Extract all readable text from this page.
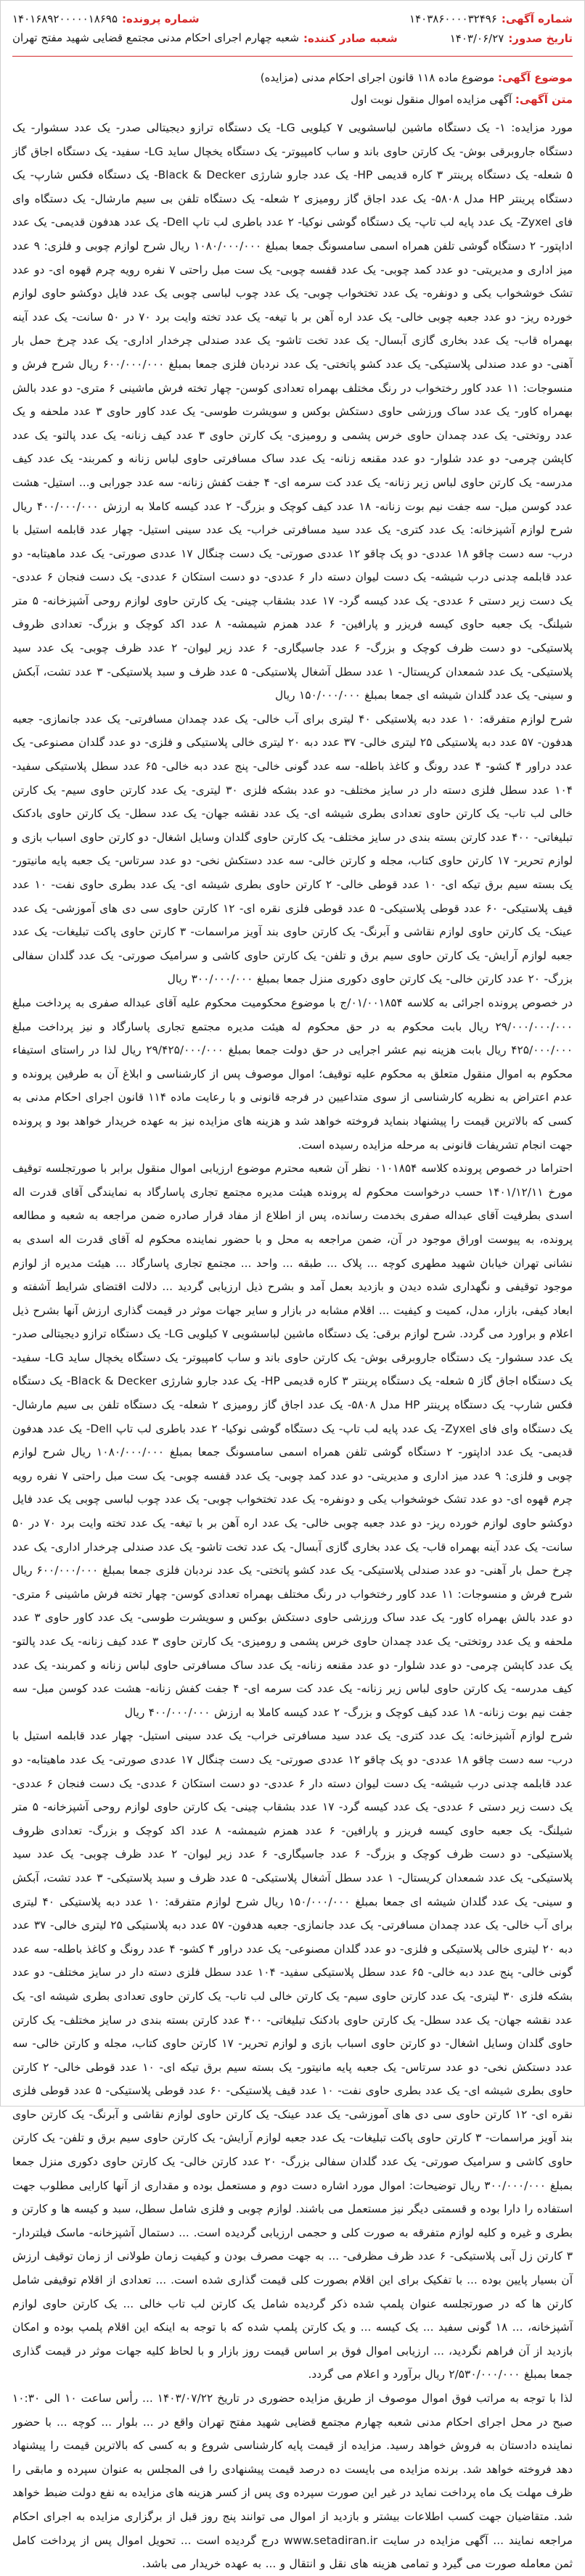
شماره آگهی:
۱۴۰۳۸۶۰۰۰۰۳۲۴۹۶
شماره پرونده:
۱۴۰۱۶۸۹۲۰۰۰۰۰۱۸۶۹۵
تاریخ صدور:
۱۴۰۳/۰۶/۲۷
شعبه صادر کننده:
شعبه چهارم اجرای احکام مدنی مجتمع قضایی شهید مفتح تهران
موضوع آگهی: موضوع ماده ۱۱۸ قانون اجرای احکام مدنی (مزایده)
متن آگهی: آگهی مزایده اموال منقول نوبت اول

مورد مزایده: ۱- یک دستگاه ماشین لباسشویی ۷ کیلویی LG- یک دستگاه ترازو دیجیتالی صدر- یک عدد سشوار- یک دستگاه جاروبرقی بوش- یک کارتن حاوی باند و ساب کامپیوتر- یک دستگاه یخچال ساید LG- سفید- یک دستگاه اجاق گاز ۵ شعله- یک دستگاه پرینتر ۳ کاره قدیمی HP- یک عدد جارو شارژی Black & Decker- یک دستگاه فکس شارپ- یک دستگاه پرینتر HP مدل ۵۸۰۸- یک عدد اجاق گاز رومیزی ۲ شعله- یک دستگاه تلفن بی سیم مارشال- یک دستگاه وای فای Zyxel- یک عدد پایه لب تاپ- یک دستگاه گوشی نوکیا- ۲ عدد باطری لب تاپ Dell- یک عدد هدفون قدیمی- یک عدد اداپتور- ۲ دستگاه گوشی تلفن همراه اسمی سامسونگ جمعا بمبلغ ۱۰۸۰/۰۰۰/۰۰۰ ریال شرح لوازم چوبی و فلزی: ۹ عدد میز اداری و مدیریتی- دو عدد کمد چوبی- یک عدد قفسه چوبی- یک ست مبل راحتی ۷ نفره رویه چرم قهوه ای- دو عدد تشک خوشخواب یکی و دونفره- یک عدد تختخواب چوبی- یک عدد چوب لباسی چوبی یک عدد فایل دوکشو حاوی لوازم خورده ریز- دو عدد جعبه چوبی خالی- یک عدد اره آهن بر با تیغه- یک عدد تخته وایت برد ۷۰ در ۵۰ سانت- یک عدد آینه بهمراه قاب- یک عدد بخاری گازی آبسال- یک عدد تخت تاشو- یک عدد صندلی چرخدار اداری- یک عدد چرخ حمل بار آهنی- دو عدد صندلی پلاستیکی- یک عدد کشو پاتختی- یک عدد نردبان فلزی جمعا بمبلغ ۶۰۰/۰۰۰/۰۰۰ ریال شرح فرش و منسوجات: ۱۱ عدد کاور رختخواب در رنگ مختلف بهمراه تعدادی کوسن- چهار تخته فرش ماشینی ۶ متری- دو عدد بالش بهمراه کاور- یک عدد ساک ورزشی حاوی دستکش بوکس و سویشرت طوسی- یک عدد کاور حاوی ۳ عدد ملحفه و یک عدد روتختی- یک عدد چمدان حاوی خرس پشمی و رومیزی- یک کارتن حاوی ۳ عدد کیف زنانه- یک عدد پالتو- یک عدد کاپشن چرمی- دو عدد شلوار- دو عدد مقنعه زنانه- یک عدد ساک مسافرتی حاوی لباس زنانه و کمربند- یک عدد کیف مدرسه- یک کارتن حاوی لباس زیر زنانه- یک عدد کت سرمه ای- ۴ جفت کفش زنانه- سه عدد جورابی و... استیل- هشت عدد کوسن مبل- سه جفت نیم بوت زنانه- ۱۸ عدد کیف کوچک و بزرگ- ۲ عدد کیسه کاملا به ارزش ۴۰۰/۰۰۰/۰۰۰ ریال شرح لوازم آشپزخانه: یک عدد کتری- یک عدد سید مسافرتی خراب- یک عدد سینی استیل- چهار عدد قابلمه استیل با درب- سه دست چاقو ۱۸ عددی- دو پک چاقو ۱۲ عددی صورتی- یک دست چنگال ۱۷ عددی صورتی- یک عدد ماهیتابه- دو عدد قابلمه چدنی درب شیشه- یک دست لیوان دسته دار ۶ عددی- دو دست استکان ۶ عددی- یک دست فنجان ۶ عددی- یک دست زیر دستی ۶ عددی- یک عدد کیسه گرد- ۱۷ عدد بشقاب چینی- یک کارتن حاوی لوازم روحی آشپزخانه- ۵ متر شیلنگ- یک جعبه حاوی کیسه فریزر و پارافین- ۶ عدد همزم شیمشه- ۸ عدد اکد کوچک و بزرگ- تعدادی ظروف پلاستیکی- دو دست ظرف کوچک و بزرگ- ۶ عدد جاسیگاری- ۶ عدد زیر لیوان- ۲ عدد ظرف چوبی- یک عدد سید پلاستیکی- یک عدد شمعدان کریستال- ۱ عدد سطل آشغال پلاستیکی- ۵ عدد ظرف و سبد پلاستیکی- ۳ عدد تشت، آبکش و سینی- یک عدد گلدان شیشه ای جمعا بمبلغ ۱۵۰/۰۰۰/۰۰۰ ریال

شرح لوازم متفرقه: ۱۰ عدد دبه پلاستیکی ۴۰ لیتری برای آب خالی- یک عدد چمدان مسافرتی- یک عدد جانمازی- جعبه هدفون- ۵۷ عدد دبه پلاستیکی ۲۵ لیتری خالی- ۳۷ عدد دبه ۲۰ لیتری خالی پلاستیکی و فلزی- دو عدد گلدان مصنوعی- یک عدد دراور ۴ کشو- ۴ عدد رونگ و کاغذ باطله- سه عدد گونی خالی- پنج عدد دبه خالی- ۶۵ عدد سطل پلاستیکی سفید- ۱۰۴ عدد سطل فلزی دسته دار در سایز مختلف- دو عدد بشکه فلزی ۳۰ لیتری- یک عدد کارتن حاوی سیم- یک کارتن خالی لب تاب- یک کارتن حاوی تعدادی بطری شیشه ای- یک عدد نقشه جهان- یک عدد سطل- یک کارتن حاوی بادکنک تبلیغاتی- ۴۰۰ عدد کارتن بسته بندی در سایز مختلف- یک کارتن حاوی گلدان وسایل اشغال- دو کارتن حاوی اسباب بازی و لوازم تحریر- ۱۷ کارتن حاوی کتاب، مجله و کارتن خالی- سه عدد دستکش نخی- دو عدد سرتاس- یک جعبه پایه مانیتور- یک بسته سیم برق تیکه ای- ۱۰ عدد قوطی خالی- ۲ کارتن حاوی بطری شیشه ای- یک عدد بطری حاوی نفت- ۱۰ عدد قیف پلاستیکی- ۶۰ عدد قوطی پلاستیکی- ۵ عدد قوطی فلزی نقره ای- ۱۲ کارتن حاوی سی دی های آموزشی- یک عدد عینک- یک کارتن حاوی لوازم نقاشی و آبرنگ- یک کارتن حاوی بند آویز مراسمات- ۳ کارتن حاوی پاکت تبلیغات- یک عدد جعبه لوازم آرایش- یک کارتن حاوی سیم برق و تلفن- یک کارتن حاوی کاشی و سرامیک صورتی- یک عدد گلدان سفالی بزرگ- ۲۰ عدد کارتن خالی- یک کارتن حاوی دکوری منزل جمعا بمبلغ ۳۰۰/۰۰۰/۰۰۰ ریال

در خصوص پرونده اجرائی به کلاسه ۰۱/۰۰۱۸۵۴/ج با موضوع محکومیت محکوم علیه آقای عبداله صفری به پرداخت مبلغ ۲۹/۰۰۰/۰۰۰/۰۰۰ ریال بابت محکوم به در حق محکوم له هیئت مدیره مجتمع تجاری پاسارگاد و نیز پرداخت مبلغ ۴۲۵/۰۰۰/۰۰۰ ریال بابت هزینه نیم عشر اجرایی در حق دولت جمعا بمبلغ ۲۹/۴۲۵/۰۰۰/۰۰۰ ریال لذا در راستای استیفاء محکوم به اموال منقول متعلق به محکوم علیه توقیف؛ اموال موصوف پس از کارشناسی و ابلاغ آن به طرفین پرونده و عدم اعتراض به نظریه کارشناسی از سوی متداعیین در فرجه قانونی و با رعایت ماده ۱۱۴ قانون اجرای احکام مدنی به کسی که بالاترین قیمت را پیشنهاد بنماید فروخته خواهد شد و هزینه های مزایده نیز به عهده خریدار خواهد بود و پرونده جهت انجام تشریفات قانونی به مرحله مزایده رسیده است.

احتراما در خصوص پرونده کلاسه ۰۱۰۱۸۵۴ نظر آن شعبه محترم موضوع ارزیابی اموال منقول برابر با صورتجلسه توقیف مورخ ۱۴۰۱/۱۲/۱۱ حسب درخواست محکوم له پرونده هیئت مدیره مجتمع تجاری پاسارگاد به نمایندگی آقای قدرت اله اسدی بطرفیت آقای عبداله صفری بخدمت رسانده، پس از اطلاع از مفاد قرار صادره ضمن مراجعه به شعبه و مطالعه پرونده، به پیوست اوراق موجود در آن، ضمن مراجعه به محل و با حضور نماینده محکوم له آقای قدرت اله اسدی به نشانی تهران خیابان شهید مطهری کوچه ... پلاک ... طبقه ... واحد ... مجتمع تجاری پاسارگاد ... هیئت مدیره از لوازم موجود توقیفی و نگهداری شده دیدن و بازدید بعمل آمد و بشرح ذیل ارزیابی گردید ... دلالت اقتضای شرایط آشفته و ابعاد کیفی، بازار، مدل، کمیت و کیفیت ... اقلام مشابه در بازار و سایر جهات موثر در قیمت گذاری ارزش آنها بشرح ذیل اعلام و براورد می گردد. شرح لوازم برقی: یک دستگاه ماشین لباسشویی ۷ کیلویی LG- یک دستگاه ترازو دیجیتالی صدر- یک عدد سشوار- یک دستگاه جاروبرقی بوش- یک کارتن حاوی باند و ساب کامپیوتر- یک دستگاه یخچال ساید LG- سفید- یک دستگاه اجاق گاز ۵ شعله- یک دستگاه پرینتر ۳ کاره قدیمی HP- یک عدد جارو شارژی Black & Decker- یک دستگاه فکس شارپ- یک دستگاه پرینتر HP مدل ۵۸۰۸- یک عدد اجاق گاز رومیزی ۲ شعله- یک دستگاه تلفن بی سیم مارشال- یک دستگاه وای فای Zyxel- یک عدد پایه لب تاپ- یک دستگاه گوشی نوکیا- ۲ عدد باطری لب تاپ Dell- یک عدد هدفون قدیمی- یک عدد اداپتور- ۲ دستگاه گوشی تلفن همراه اسمی سامسونگ جمعا بمبلغ ۱۰۸۰/۰۰۰/۰۰۰ ریال شرح لوازم چوبی و فلزی: ۹ عدد میز اداری و مدیریتی- دو عدد کمد چوبی- یک عدد قفسه چوبی- یک ست مبل راحتی ۷ نفره رویه چرم قهوه ای- دو عدد تشک خوشخواب یکی و دونفره- یک عدد تختخواب چوبی- یک عدد چوب لباسی چوبی یک عدد فایل دوکشو حاوی لوازم خورده ریز- دو عدد جعبه چوبی خالی- یک عدد اره آهن بر با تیغه- یک عدد تخته وایت برد ۷۰ در ۵۰ سانت- یک عدد آینه بهمراه قاب- یک عدد بخاری گازی آبسال- یک عدد تخت تاشو- یک عدد صندلی چرخدار اداری- یک عدد چرخ حمل بار آهنی- دو عدد صندلی پلاستیکی- یک عدد کشو پاتختی- یک عدد نردبان فلزی جمعا بمبلغ ۶۰۰/۰۰۰/۰۰۰ ریال شرح فرش و منسوجات: ۱۱ عدد کاور رختخواب در رنگ مختلف بهمراه تعدادی کوسن- چهار تخته فرش ماشینی ۶ متری- دو عدد بالش بهمراه کاور- یک عدد ساک ورزشی حاوی دستکش بوکس و سویشرت طوسی- یک عدد کاور حاوی ۳ عدد ملحفه و یک عدد روتختی- یک عدد چمدان حاوی خرس پشمی و رومیزی- یک کارتن حاوی ۳ عدد کیف زنانه- یک عدد پالتو- یک عدد کاپشن چرمی- دو عدد شلوار- دو عدد مقنعه زنانه- یک عدد ساک مسافرتی حاوی لباس زنانه و کمربند- یک عدد کیف مدرسه- یک کارتن حاوی لباس زیر زنانه- یک عدد کت سرمه ای- ۴ جفت کفش زنانه- هشت عدد کوسن مبل- سه جفت نیم بوت زنانه- ۱۸ عدد کیف کوچک و بزرگ- ۲ عدد کیسه کاملا به ارزش ۴۰۰/۰۰۰/۰۰۰ ریال

شرح لوازم آشپزخانه: یک عدد کتری- یک عدد سید مسافرتی خراب- یک عدد سینی استیل- چهار عدد قابلمه استیل با درب- سه دست چاقو ۱۸ عددی- دو پک چاقو ۱۲ عددی صورتی- یک دست چنگال ۱۷ عددی صورتی- یک عدد ماهیتابه- دو عدد قابلمه چدنی درب شیشه- یک دست لیوان دسته دار ۶ عددی- دو دست استکان ۶ عددی- یک دست فنجان ۶ عددی- یک دست زیر دستی ۶ عددی- یک عدد کیسه گرد- ۱۷ عدد بشقاب چینی- یک کارتن حاوی لوازم روحی آشپزخانه- ۵ متر شیلنگ- یک جعبه حاوی کیسه فریزر و پارافین- ۶ عدد همزم شیمشه- ۸ عدد اکد کوچک و بزرگ- تعدادی ظروف پلاستیکی- دو دست ظرف کوچک و بزرگ- ۶ عدد جاسیگاری- ۶ عدد زیر لیوان- ۲ عدد ظرف چوبی- یک عدد سید پلاستیکی- یک عدد شمعدان کریستال- ۱ عدد سطل آشغال پلاستیکی- ۵ عدد ظرف و سبد پلاستیکی- ۳ عدد تشت، آبکش و سینی- یک عدد گلدان شیشه ای جمعا بمبلغ ۱۵۰/۰۰۰/۰۰۰ ریال شرح لوازم متفرقه: ۱۰ عدد دبه پلاستیکی ۴۰ لیتری برای آب خالی- یک عدد چمدان مسافرتی- یک عدد جانمازی- جعبه هدفون- ۵۷ عدد دبه پلاستیکی ۲۵ لیتری خالی- ۳۷ عدد دبه ۲۰ لیتری خالی پلاستیکی و فلزی- دو عدد گلدان مصنوعی- یک عدد دراور ۴ کشو- ۴ عدد رونگ و کاغذ باطله- سه عدد گونی خالی- پنج عدد دبه خالی- ۶۵ عدد سطل پلاستیکی سفید- ۱۰۴ عدد سطل فلزی دسته دار در سایز مختلف- دو عدد بشکه فلزی ۳۰ لیتری- یک عدد کارتن حاوی سیم- یک کارتن خالی لب تاب- یک کارتن حاوی تعدادی بطری شیشه ای- یک عدد نقشه جهان- یک عدد سطل- یک کارتن حاوی بادکنک تبلیغاتی- ۴۰۰ عدد کارتن بسته بندی در سایز مختلف- یک کارتن حاوی گلدان وسایل اشغال- دو کارتن حاوی اسباب بازی و لوازم تحریر- ۱۷ کارتن حاوی کتاب، مجله و کارتن خالی- سه عدد دستکش نخی- دو عدد سرتاس- یک جعبه پایه مانیتور- یک بسته سیم برق تیکه ای- ۱۰ عدد قوطی خالی- ۲ کارتن حاوی بطری شیشه ای- یک عدد بطری حاوی نفت- ۱۰ عدد قیف پلاستیکی- ۶۰ عدد قوطی پلاستیکی- ۵ عدد قوطی فلزی نقره ای- ۱۲ کارتن حاوی سی دی های آموزشی- یک عدد عینک- یک کارتن حاوی لوازم نقاشی و آبرنگ- یک کارتن حاوی بند آویز مراسمات- ۳ کارتن حاوی پاکت تبلیغات- یک عدد جعبه لوازم آرایش- یک کارتن حاوی سیم برق و تلفن- یک کارتن حاوی کاشی و سرامیک صورتی- یک عدد گلدان سفالی بزرگ- ۲۰ عدد کارتن خالی- یک کارتن حاوی دکوری منزل جمعا بمبلغ ۳۰۰/۰۰۰/۰۰۰ ریال توضیحات: اموال مورد اشاره دست دوم و مستعمل بوده و مقداری از آنها کارایی مطلوب جهت استفاده را دارا بوده و قسمتی دیگر نیز مستعمل می باشند. لوازم چوبی و فلزی شامل سطل، سبد و کیسه ها و کارتن و بطری و غیره و کلیه لوازم متفرقه به صورت کلی و حجمی ارزیابی گردیده است. ... دستمال آشپزخانه- ماسک فیلتردار- ۳ کارتن زل آبی پلاستیکی- ۶ عدد ظرف مظرفی- ... به جهت مصرف بودن و کیفیت زمان طولانی از زمان توقیف ارزش آن بسیار پایین بوده ... با تفکیک برای این اقلام بصورت کلی قیمت گذاری شده است. ... تعدادی از اقلام توقیفی شامل کارتن ها که در صورتجلسه عنوان پلمپ شده ذکر گردیده شامل یک کارتن لب تاب خالی ... یک کارتن حاوی لوازم آشپزخانه، ... ۱۸ گونی سفید ... یک کیسه ... و یک کارتن پلمپ شده که با توجه به اینکه این اقلام پلمپ بوده و امکان بازدید از آن فراهم نگردید، ... ارزیابی اموال فوق بر اساس قیمت روز بازار و با لحاظ کلیه جهات موثر در قیمت گذاری جمعا بمبلغ ۲/۵۳۰/۰۰۰/۰۰۰ ریال برآورد و اعلام می گردد.

لذا با توجه به مراتب فوق اموال موصوف از طریق مزایده حضوری در تاریخ ۱۴۰۳/۰۷/۲۲ ... رأس ساعت ۱۰ الی ۱۰:۳۰ صبح در محل اجرای احکام مدنی شعبه چهارم مجتمع قضایی شهید مفتح تهران واقع در ... بلوار ... کوچه ... با حضور نماینده دادستان به فروش خواهد رسید. مزایده از قیمت پایه کارشناسی شروع و به کسی که بالاترین قیمت را پیشنهاد دهد فروخته خواهد شد. برنده مزایده می بایست ده درصد قیمت پیشنهادی را فی المجلس به عنوان سپرده و مابقی را ظرف مهلت یک ماه پرداخت نماید در غیر این صورت سپرده وی پس از کسر هزینه های مزایده به نفع دولت ضبط خواهد شد. متقاضیان جهت کسب اطلاعات بیشتر و بازدید از اموال می توانند پنج روز قبل از برگزاری مزایده به اجرای احکام مراجعه نمایند ... آگهی مزایده در سایت www.setadiran.ir درج گردیده است ... تحویل اموال پس از پرداخت کامل ثمن معامله صورت می گیرد و تمامی هزینه های نقل و انتقال و ... به عهده خریدار می باشد.
